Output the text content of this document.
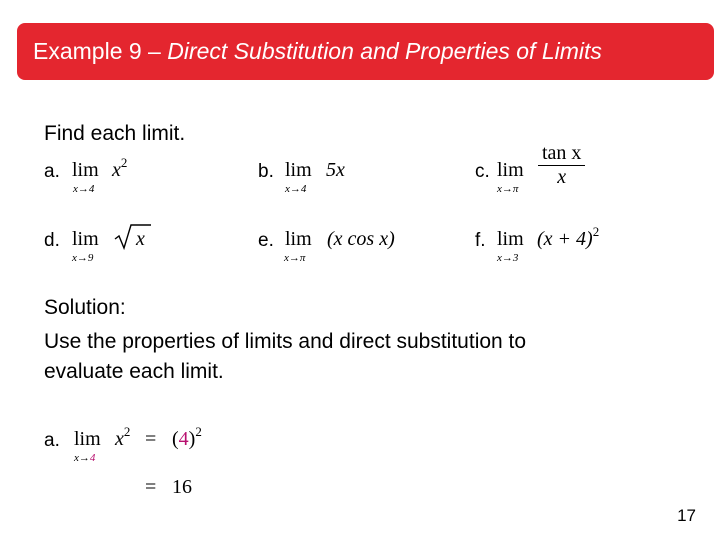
Example 9 – Direct Substitution and Properties of Limits
Find each limit.
a. lim
x→4
$x^2$	b. lim
x→4
5x	c. lim
$x\to\pi \frac{\text{tan x}}{x}$
d. lim
x→9
x	e. lim
x→π
(x cos x)	f. lim
x→3
$(x + 4)^2$
Solution:
Use the properties of limits and direct substitution to
evaluate each limit.
a. lim
x→4
$x^2 = (4)^2$
= 16
17
